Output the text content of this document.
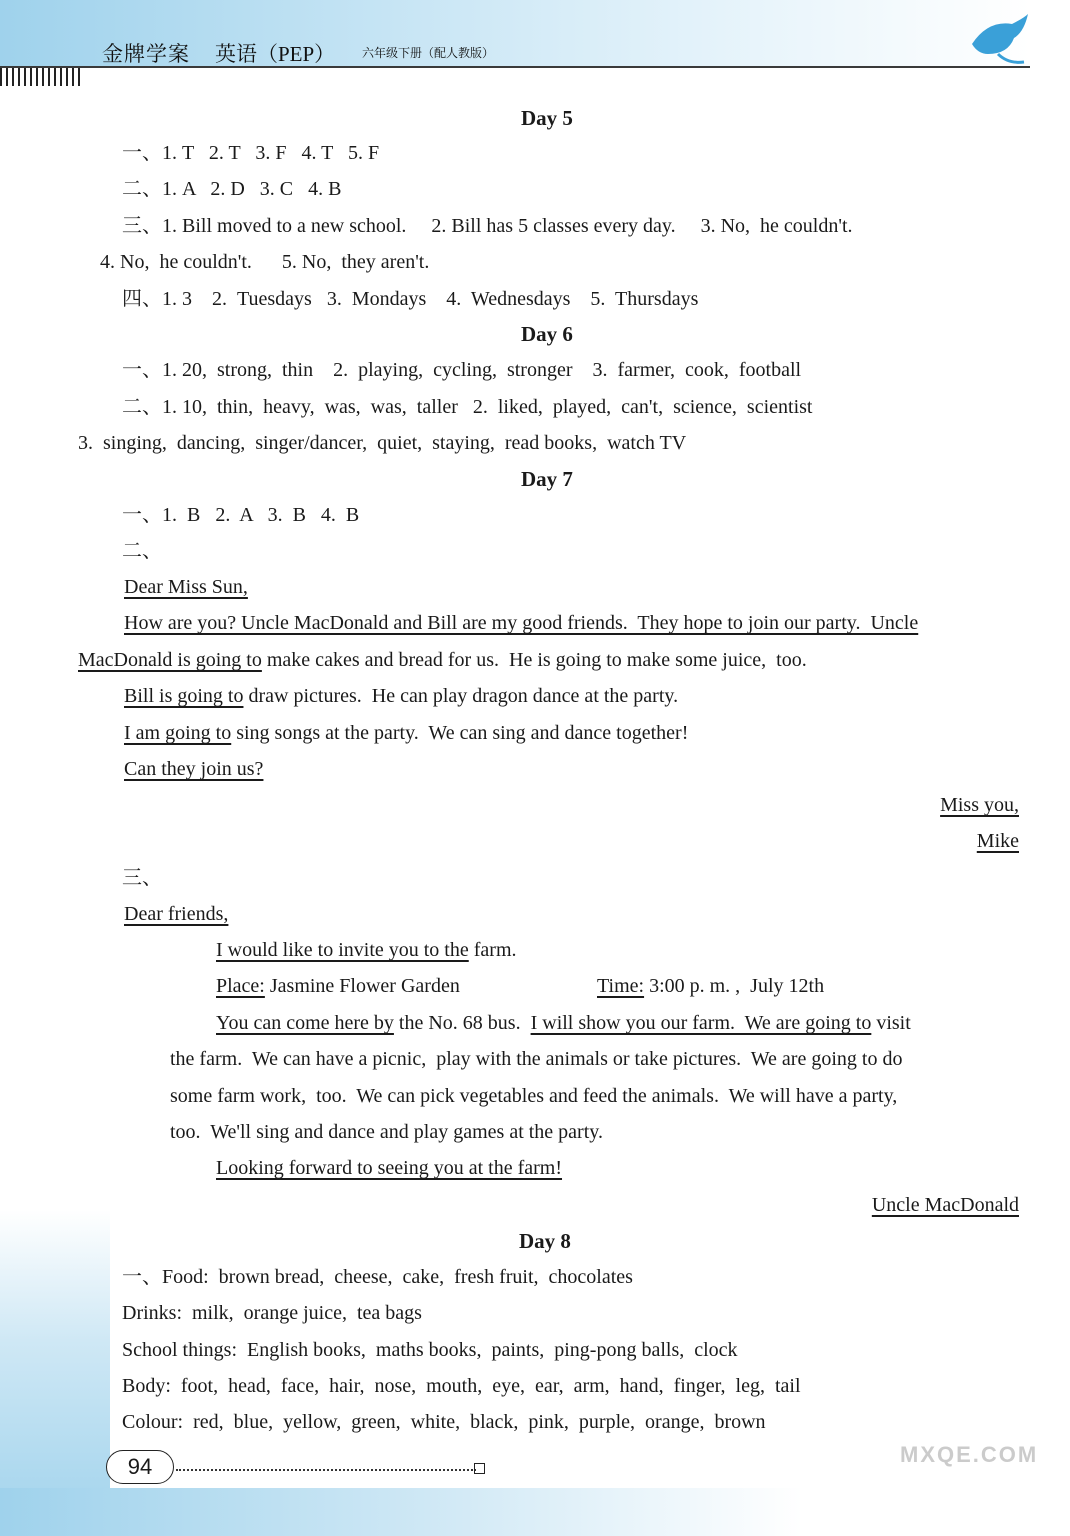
金牌学案 英语（PEP） 六年级下册（配人教版）
Day 5
一、1. T   2. T   3. F   4. T   5. F
二、1. A   2. D   3. C   4. B
三、1. Bill moved to a new school.     2. Bill has 5 classes every day.     3. No,  he couldn't.
4. No,  he couldn't.      5. No,  they aren't.
四、1. 3    2.  Tuesdays   3.  Mondays    4.  Wednesdays    5.  Thursdays
Day 6
一、1. 20,  strong,  thin    2.  playing,  cycling,  stronger    3.  farmer,  cook,  football
二、1. 10,  thin,  heavy,  was,  was,  taller   2.  liked,  played,  can't,  science,  scientist
3.  singing,  dancing,  singer/dancer,  quiet,  staying,  read books,  watch TV
Day 7
一、1.  B   2.  A   3.  B   4.  B
二、
Dear Miss Sun,
How are you? Uncle MacDonald and Bill are my good friends.  They hope to join our party.  Uncle
MacDonald is going to make cakes and bread for us.  He is going to make some juice,  too.
Bill is going to draw pictures.  He can play dragon dance at the party.
I am going to sing songs at the party.  We can sing and dance together!
Can they join us?
Miss you,
Mike
三、
Dear friends,
I would like to invite you to the farm.
Place: Jasmine Flower Garden	Time: 3:00 p. m. ,  July 12th
You can come here by the No. 68 bus.  I will show you our farm.  We are going to visit
the farm.  We can have a picnic,  play with the animals or take pictures.  We are going to do
some farm work,  too.  We can pick vegetables and feed the animals.  We will have a party,
too.  We'll sing and dance and play games at the party.
Looking forward to seeing you at the farm!
Uncle MacDonald
Day 8
一、Food:  brown bread,  cheese,  cake,  fresh fruit,  chocolates
Drinks:  milk,  orange juice,  tea bags
School things:  English books,  maths books,  paints,  ping-pong balls,  clock
Body:  foot,  head,  face,  hair,  nose,  mouth,  eye,  ear,  arm,  hand,  finger,  leg,  tail
Colour:  red,  blue,  yellow,  green,  white,  black,  pink,  purple,  orange,  brown
94	MXQE.COM
